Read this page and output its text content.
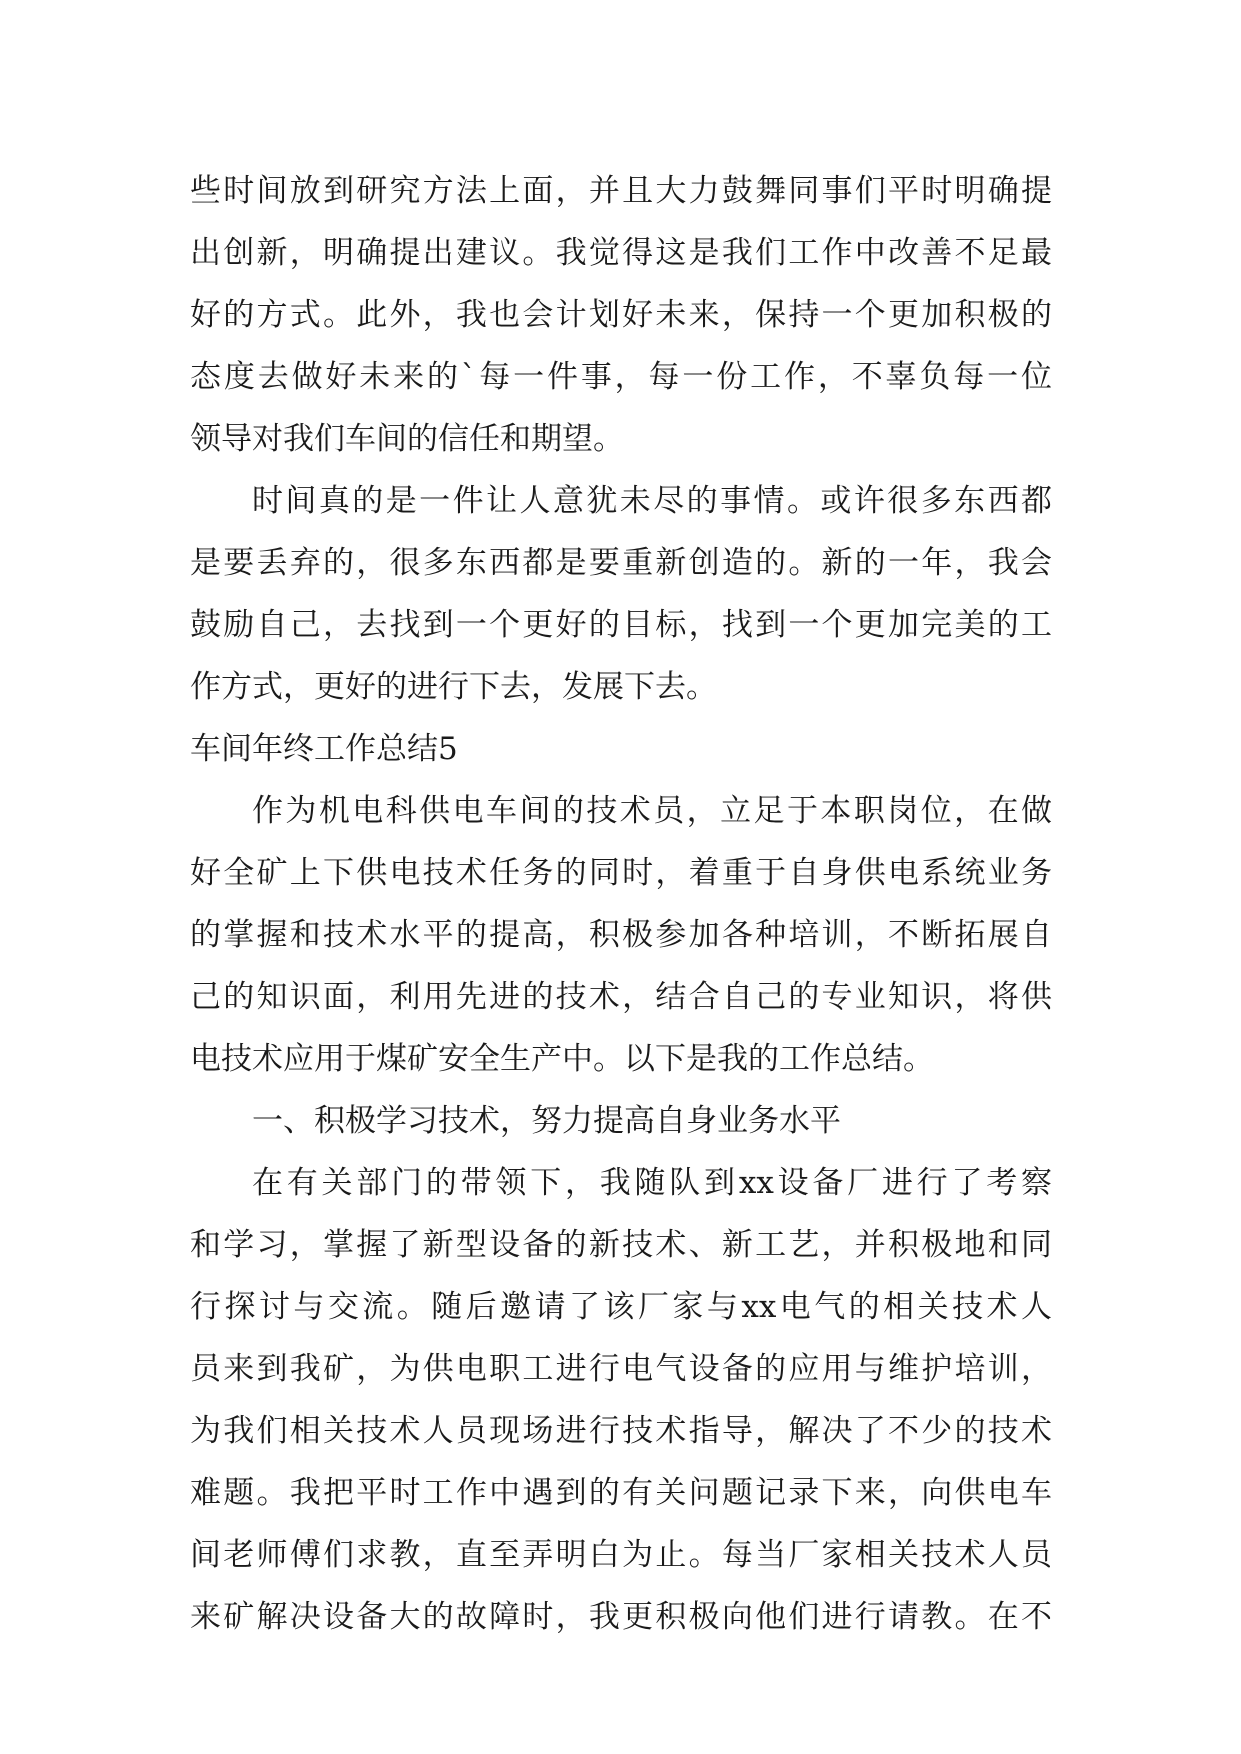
些时间放到研究方法上面，并且大力鼓舞同事们平时明确提
出创新，明确提出建议。我觉得这是我们工作中改善不足最
好的方式。此外，我也会计划好未来，保持一个更加积极的
态度去做好未来的`每一件事，每一份工作，不辜负每一位
领导对我们车间的信任和期望。
时间真的是一件让人意犹未尽的事情。或许很多东西都
是要丢弃的，很多东西都是要重新创造的。新的一年，我会
鼓励自己，去找到一个更好的目标，找到一个更加完美的工
作方式，更好的进行下去，发展下去。
车间年终工作总结5
作为机电科供电车间的技术员，立足于本职岗位，在做
好全矿上下供电技术任务的同时，着重于自身供电系统业务
的掌握和技术水平的提高，积极参加各种培训，不断拓展自
己的知识面，利用先进的技术，结合自己的专业知识，将供
电技术应用于煤矿安全生产中。以下是我的工作总结。
一、积极学习技术，努力提高自身业务水平
在有关部门的带领下，我随队到xx设备厂进行了考察
和学习，掌握了新型设备的新技术、新工艺，并积极地和同
行探讨与交流。随后邀请了该厂家与xx电气的相关技术人
员来到我矿，为供电职工进行电气设备的应用与维护培训，
为我们相关技术人员现场进行技术指导，解决了不少的技术
难题。我把平时工作中遇到的有关问题记录下来，向供电车
间老师傅们求教，直至弄明白为止。每当厂家相关技术人员
来矿解决设备大的故障时，我更积极向他们进行请教。在不
